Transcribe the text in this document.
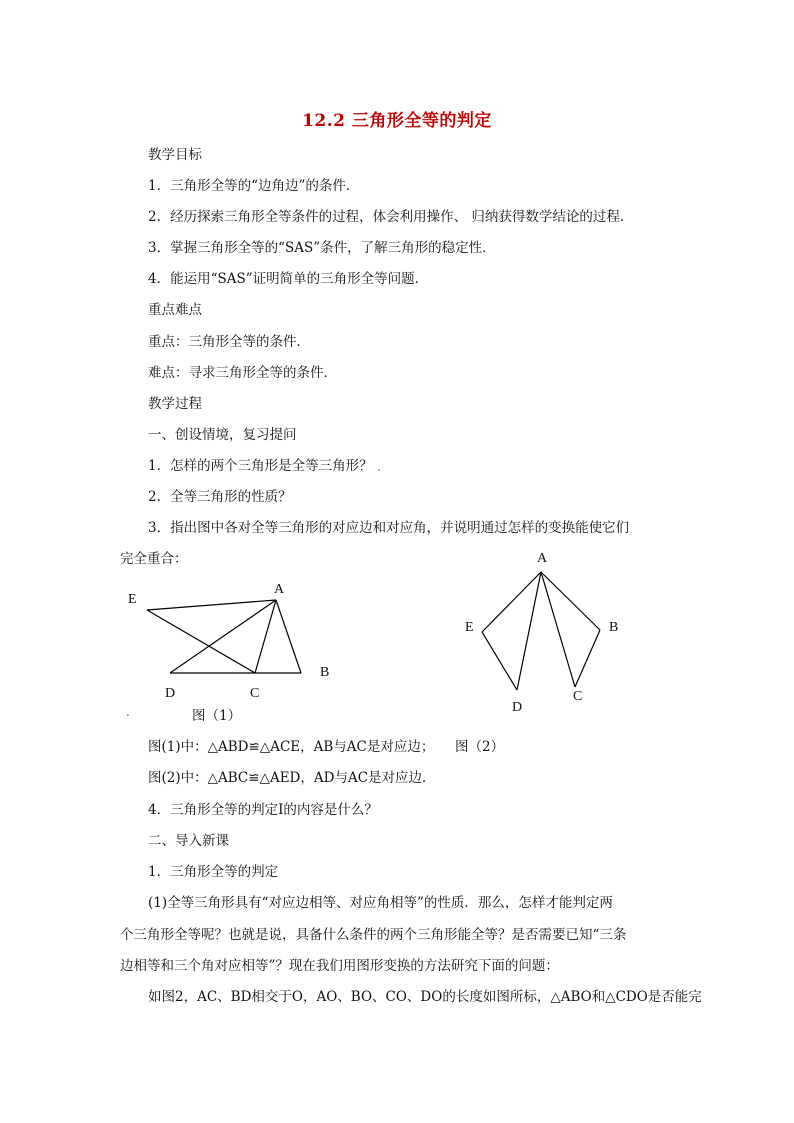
12.2 三角形全等的判定
教学目标
1．三角形全等的“边角边”的条件．
2．经历探索三角形全等条件的过程，体会利用操作、 归纳获得数学结论的过程．
3．掌握三角形全等的“SAS”条件，了解三角形的稳定性．
4．能运用“SAS”证明简单的三角形全等问题．
重点难点
重点：三角形全等的条件．
难点：寻求三角形全等的条件．
教学过程
一、创设情境，复习提问
1．怎样的两个三角形是全等三角形？ .
2．全等三角形的性质？
3．指出图中各对全等三角形的对应边和对应角，并说明通过怎样的变换能使它们
完全重合：
E
A
B
D	C
.	图（1）
A
E	B
D
C
图(1)中：△ABD≌△ACE，AB与AC是对应边； 图（2）
图(2)中：△ABC≌△AED，AD与AC是对应边．
4．三角形全等的判定Ⅰ的内容是什么？
二、导入新课
1．三角形全等的判定
(1)全等三角形具有“对应边相等、对应角相等”的性质．那么，怎样才能判定两
个三角形全等呢？也就是说，具备什么条件的两个三角形能全等？是否需要已知“三条
边相等和三个角对应相等”？现在我们用图形变换的方法研究下面的问题：
如图2，AC、BD相交于O，AO、BO、CO、DO的长度如图所标，△ABO和△CDO是否能完
